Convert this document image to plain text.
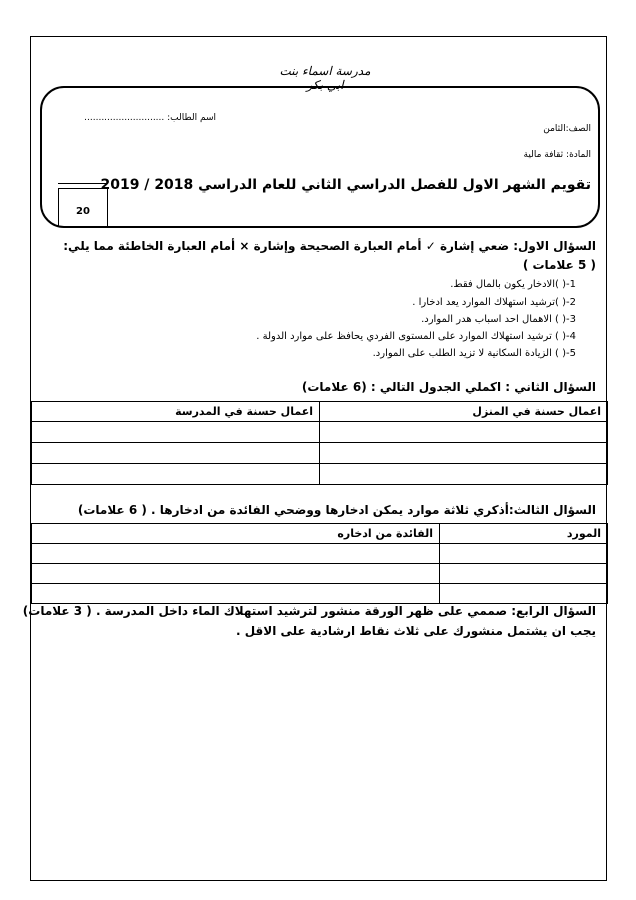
مدرسة اسماء بنت ابي بكر
اسم الطالب: ............................
الصف:الثامن
المادة: ثقافة مالية
تقويم الشهر الاول للفصل الدراسي الثاني للعام الدراسي 2018 / 2019
20
السؤال الاول: ضعي إشارة ✓ أمام العبارة الصحيحة وإشارة × أمام العبارة الخاطئة مما يلي:
( 5 علامات )
1-( )الادخار يكون بالمال فقط.
2-( )ترشيد استهلاك الموارد يعد ادخارا .
3-( ) الاهمال احد اسباب هدر الموارد.
4-( ) ترشيد استهلاك الموارد على المستوى الفردي يحافظ على موارد الدولة .
5-( ) الزيادة السكانية لا تزيد الطلب على الموارد.
السؤال الثاني : اكملي الجدول التالي : (6 علامات)
اعمال حسنة في المدرسة	اعمال حسنة في المنزل

السؤال الثالث:أذكري ثلاثة موارد يمكن ادخارها ووضحي الفائدة من ادخارها . ( 6 علامات)
الفائدة من ادخاره	المورد

السؤال الرابع: صممي على ظهر الورقة منشور لترشيد استهلاك الماء داخل المدرسة . ( 3 علامات)
يجب ان يشتمل منشورك على ثلاث نقاط ارشادية على الاقل .
